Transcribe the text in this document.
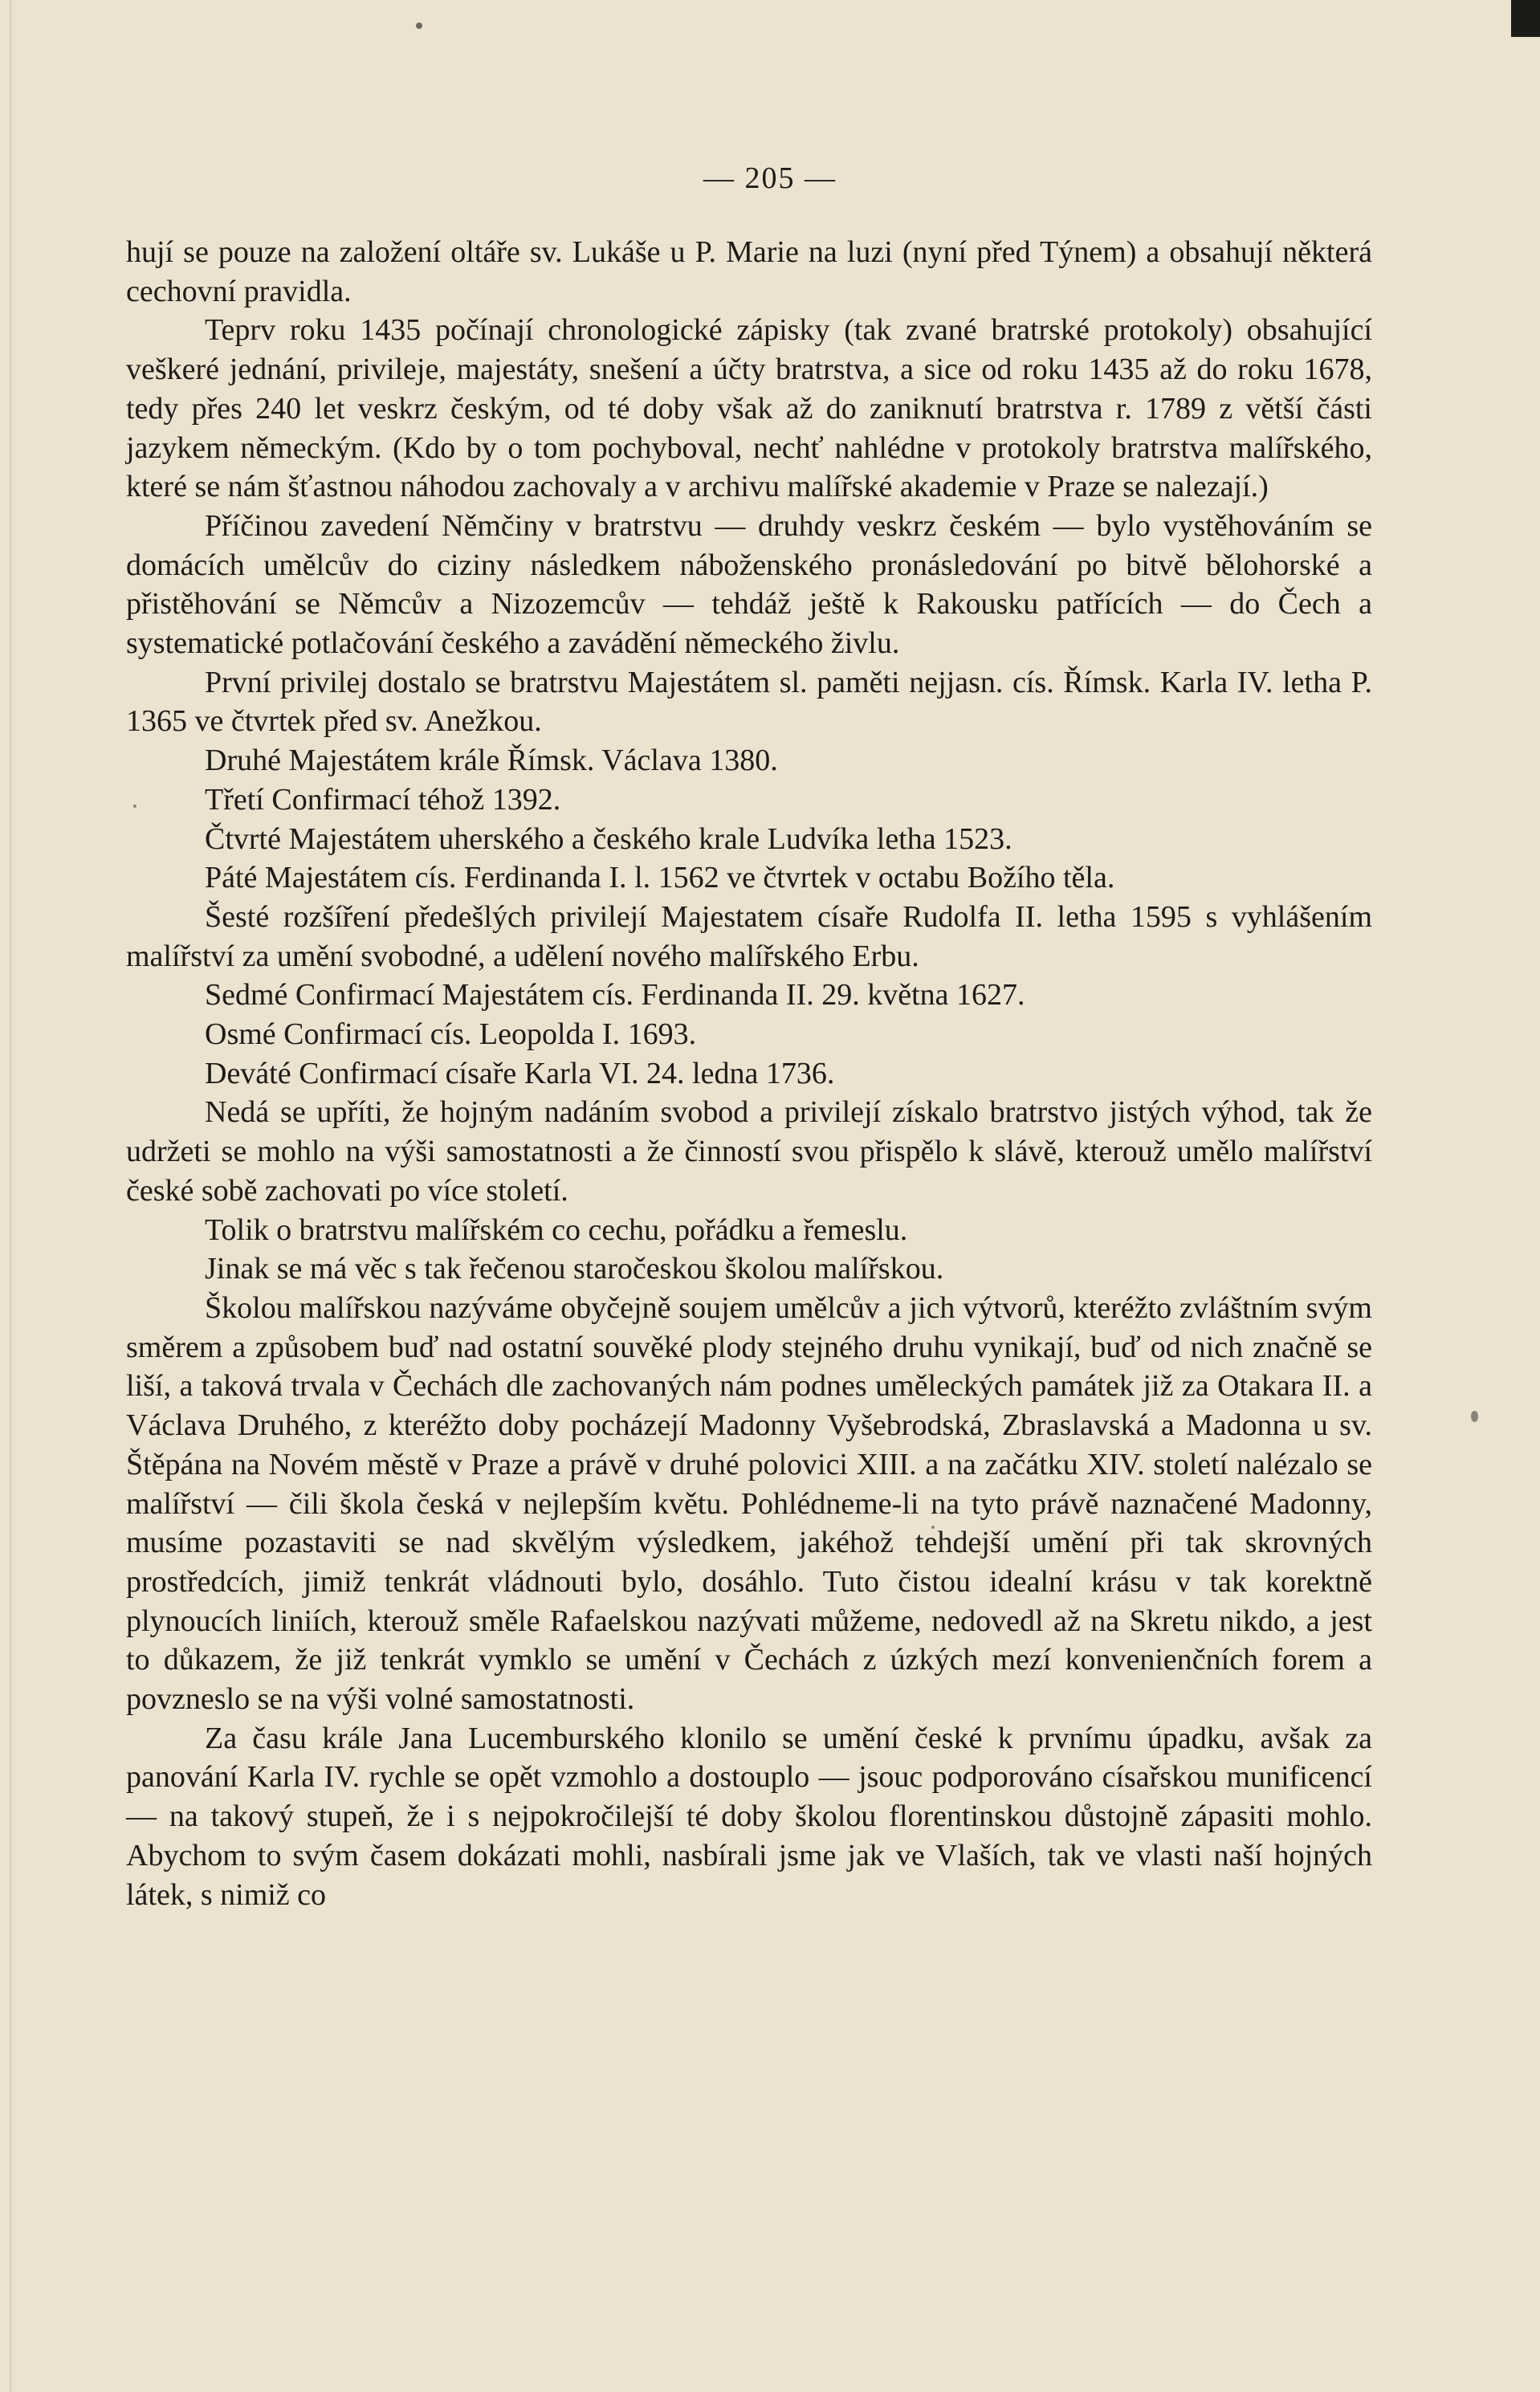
— 205 —

hují se pouze na založení oltáře sv. Lukáše u P. Marie na luzi (nyní před Týnem) a obsahují některá cechovní pravidla.

Teprv roku 1435 počínají chronologické zápisky (tak zvané bratrské protokoly) obsahující veškeré jednání, privileje, majestáty, snešení a účty bratrstva, a sice od roku 1435 až do roku 1678, tedy přes 240 let veskrz českým, od té doby však až do zaniknutí bratrstva r. 1789 z větší části jazykem německým. (Kdo by o tom pochyboval, nechť nahlédne v protokoly bratrstva malířského, které se nám šťastnou náhodou zachovaly a v archivu malířské akademie v Praze se nalezají.)

Příčinou zavedení Němčiny v bratrstvu — druhdy veskrz českém — bylo vystěhováním se domácích umělcův do ciziny následkem náboženského pronásledování po bitvě bělohorské a přistěhování se Němcův a Nizozemcův — tehdáž ještě k Rakousku patřících — do Čech a systematické potlačování českého a zavádění německého živlu.

První privilej dostalo se bratrstvu Majestátem sl. paměti nejjasn. cís. Římsk. Karla IV. letha P. 1365 ve čtvrtek před sv. Anežkou.

Druhé Majestátem krále Římsk. Václava 1380.

Třetí Confirmací téhož 1392.

Čtvrté Majestátem uherského a českého krale Ludvíka letha 1523.

Páté Majestátem cís. Ferdinanda I. l. 1562 ve čtvrtek v octabu Božího těla.

Šesté rozšíření předešlých privilejí Majestatem císaře Rudolfa II. letha 1595 s vyhlášením malířství za umění svobodné, a udělení nového malířského Erbu.

Sedmé Confirmací Majestátem cís. Ferdinanda II. 29. května 1627.

Osmé Confirmací cís. Leopolda I. 1693.

Deváté Confirmací císaře Karla VI. 24. ledna 1736.

Nedá se upříti, že hojným nadáním svobod a privilejí získalo bratrstvo jistých výhod, tak že udržeti se mohlo na výši samostatnosti a že činností svou přispělo k slávě, kterouž umělo malířství české sobě zachovati po více století.

Tolik o bratrstvu malířském co cechu, pořádku a řemeslu.

Jinak se má věc s tak řečenou staročeskou školou malířskou.

Školou malířskou nazýváme obyčejně soujem umělcův a jich výtvorů, kteréžto zvláštním svým směrem a způsobem buď nad ostatní souvěké plody stejného druhu vynikají, buď od nich značně se liší, a taková trvala v Čechách dle zachovaných nám podnes uměleckých památek již za Otakara II. a Václava Druhého, z kteréžto doby pocházejí Madonny Vyšebrodská, Zbraslavská a Madonna u sv. Štěpána na Novém městě v Praze a právě v druhé polovici XIII. a na začátku XIV. století nalézalo se malířství — čili škola česká v nejlepším květu. Pohlédneme-li na tyto právě naznačené Madonny, musíme pozastaviti se nad skvělým výsledkem, jakéhož tehdejší umění při tak skrovných prostředcích, jimiž tenkrát vládnouti bylo, dosáhlo. Tuto čistou idealní krásu v tak korektně plynoucích liniích, kterouž směle Rafaelskou nazývati můžeme, nedovedl až na Skretu nikdo, a jest to důkazem, že již tenkrát vymklo se umění v Čechách z úzkých mezí konvenienčních forem a povzneslo se na výši volné samostatnosti.

Za času krále Jana Lucemburského klonilo se umění české k prvnímu úpadku, avšak za panování Karla IV. rychle se opět vzmohlo a dostouplo — jsouc podporováno císařskou munificencí — na takový stupeň, že i s nejpokročilejší té doby školou florentinskou důstojně zápasiti mohlo. Abychom to svým časem dokázati mohli, nasbírali jsme jak ve Vlaších, tak ve vlasti naší hojných látek, s nimiž co
